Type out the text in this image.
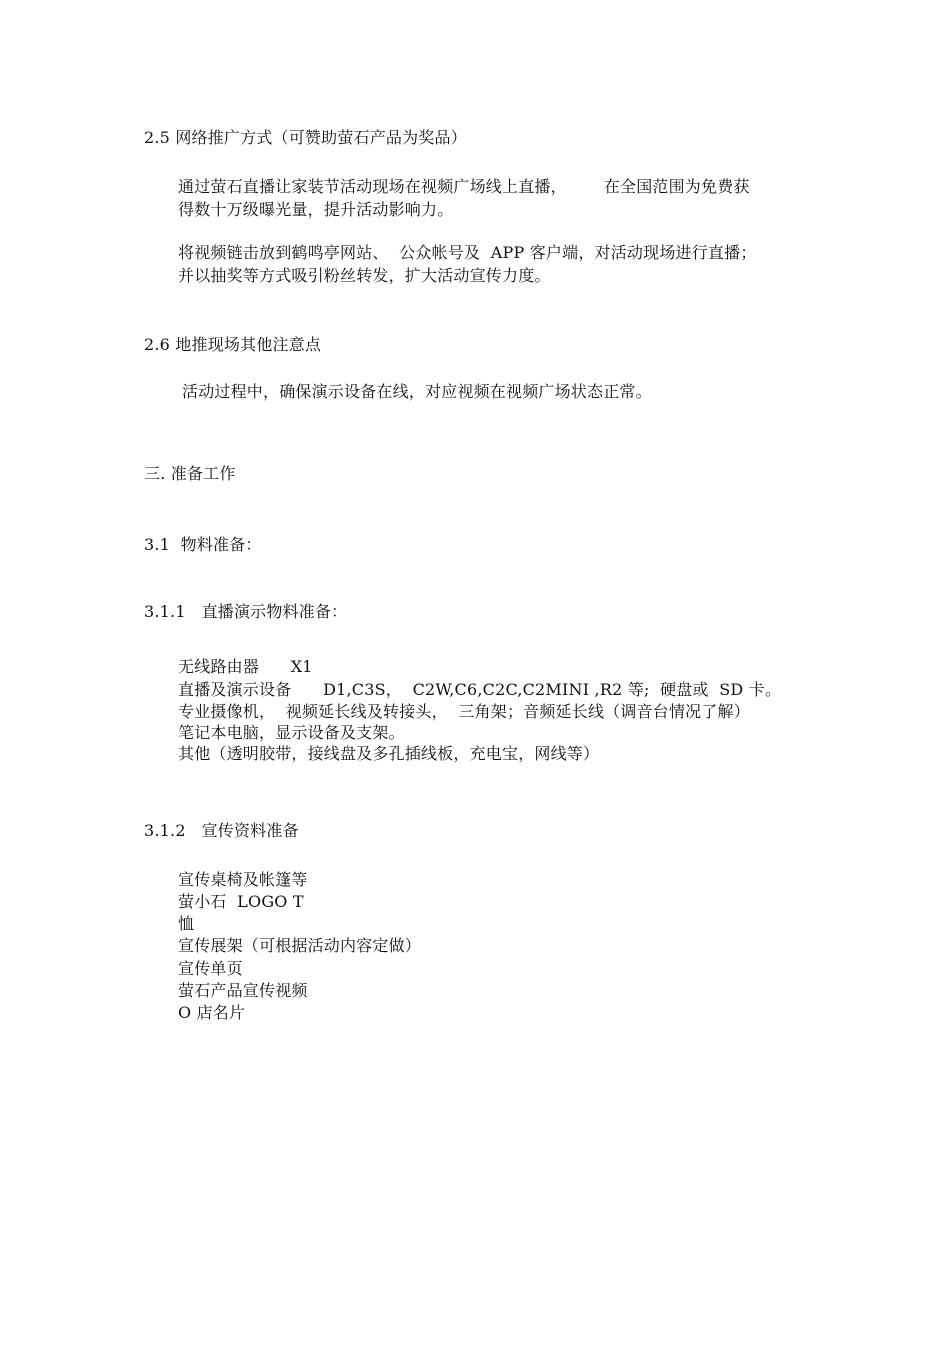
2.5 网络推广方式（可赞助萤石产品为奖品）
通过萤石直播让家装节活动现场在视频广场线上直播，       在全国范围为免费获
得数十万级曝光量，提升活动影响力。
将视频链击放到鹤鸣亭网站、  公众帐号及  APP 客户端，对活动现场进行直播；
并以抽奖等方式吸引粉丝转发，扩大活动宣传力度。
2.6 地推现场其他注意点
活动过程中，确保演示设备在线，对应视频在视频广场状态正常。
三. 准备工作
3.1  物料准备：
3.1.1   直播演示物料准备：
无线路由器      X1
直播及演示设备      D1,C3S，  C2W,C6,C2C,C2MINI ,R2 等;  硬盘或  SD 卡。
专业摄像机，  视频延长线及转接头，  三角架；音频延长线（调音台情况了解）
笔记本电脑，显示设备及支架。
其他（透明胶带，接线盘及多孔插线板，充电宝，网线等）
3.1.2   宣传资料准备
宣传桌椅及帐篷等
萤小石  LOGO T
恤
宣传展架（可根据活动内容定做）
宣传单页
萤石产品宣传视频
O 店名片
